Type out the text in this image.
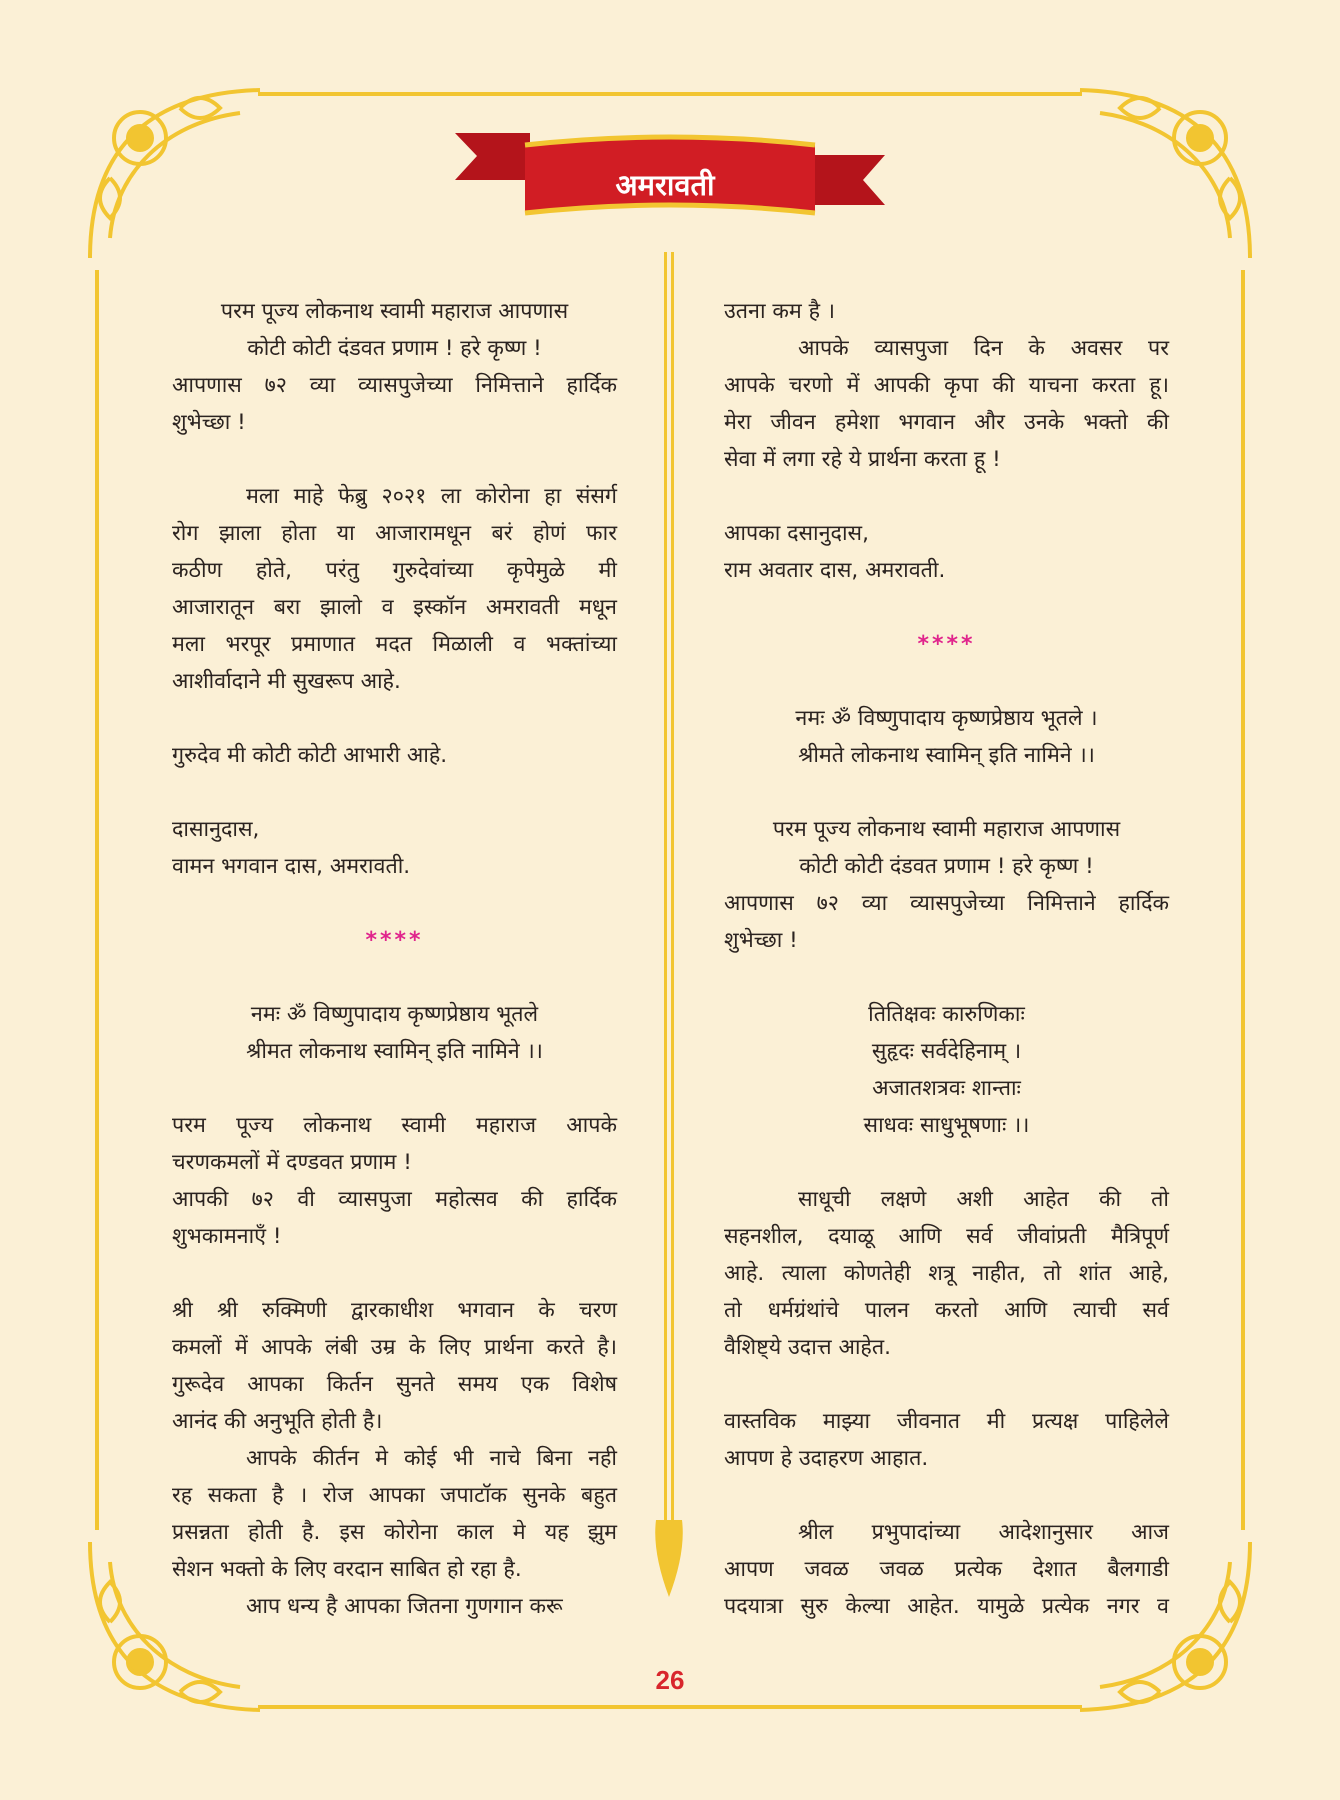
अमरावती

परम पूज्य लोकनाथ स्वामी महाराज आपणास

कोटी कोटी दंडवत प्रणाम ! हरे कृष्ण !

आपणास ७२ व्या व्यासपुजेच्या निमित्ताने हार्दिक

शुभेच्छा !

मला माहे फेब्रु २०२१ ला कोरोना हा संसर्ग

रोग झाला होता या आजारामधून बरं होणं फार

कठीण होते, परंतु गुरुदेवांच्या कृपेमुळे मी

आजारातून बरा झालो व इस्कॉन अमरावती मधून

मला भरपूर प्रमाणात मदत मिळाली व भक्तांच्या

आशीर्वादाने मी सुखरूप आहे.

गुरुदेव मी कोटी कोटी आभारी आहे.

दासानुदास,

वामन भगवान दास, अमरावती.

****

नमः ॐ विष्णुपादाय कृष्णप्रेष्ठाय भूतले

श्रीमत लोकनाथ स्वामिन् इति नामिने ।।

परम पूज्य लोकनाथ स्वामी महाराज आपके

चरणकमलों में दण्डवत प्रणाम !

आपकी ७२ वी व्यासपुजा महोत्सव की हार्दिक

शुभकामनाएँ !

श्री श्री रुक्मिणी द्वारकाधीश भगवान के चरण

कमलों में आपके लंबी उम्र के लिए प्रार्थना करते है।

गुरूदेव आपका किर्तन सुनते समय एक विशेष

आनंद की अनुभूति होती है।

आपके कीर्तन मे कोई भी नाचे बिना नही

रह सकता है । रोज आपका जपाटॉक सुनके बहुत

प्रसन्नता होती है. इस कोरोना काल मे यह झुम

सेशन भक्तो के लिए वरदान साबित हो रहा है.

आप धन्य है आपका जितना गुणगान करू

उतना कम है ।

आपके व्यासपुजा दिन के अवसर पर

आपके चरणो में आपकी कृपा की याचना करता हू।

मेरा जीवन हमेशा भगवान और उनके भक्तो की

सेवा में लगा रहे ये प्रार्थना करता हू !

आपका दसानुदास,

राम अवतार दास, अमरावती.

****

नमः ॐ विष्णुपादाय कृष्णप्रेष्ठाय भूतले ।

श्रीमते लोकनाथ स्वामिन् इति नामिने ।।

परम पूज्य लोकनाथ स्वामी महाराज आपणास

कोटी कोटी दंडवत प्रणाम ! हरे कृष्ण !

आपणास ७२ व्या व्यासपुजेच्या निमित्ताने हार्दिक

शुभेच्छा !

तितिक्षवः कारुणिकाः

सुहृदः सर्वदेहिनाम् ।

अजातशत्रवः शान्ताः

साधवः साधुभूषणाः ।।

साधूची लक्षणे अशी आहेत की तो

सहनशील, दयाळू आणि सर्व जीवांप्रती मैत्रिपूर्ण

आहे. त्याला कोणतेही शत्रू नाहीत, तो शांत आहे,

तो धर्मग्रंथांचे पालन करतो आणि त्याची सर्व

वैशिष्ट्ये उदात्त आहेत.

वास्तविक माझ्या जीवनात मी प्रत्यक्ष पाहिलेले

आपण हे उदाहरण आहात.

श्रील प्रभुपादांच्या आदेशानुसार आज

आपण जवळ जवळ प्रत्येक देशात बैलगाडी

पदयात्रा सुरु केल्या आहेत. यामुळे प्रत्येक नगर व

26
